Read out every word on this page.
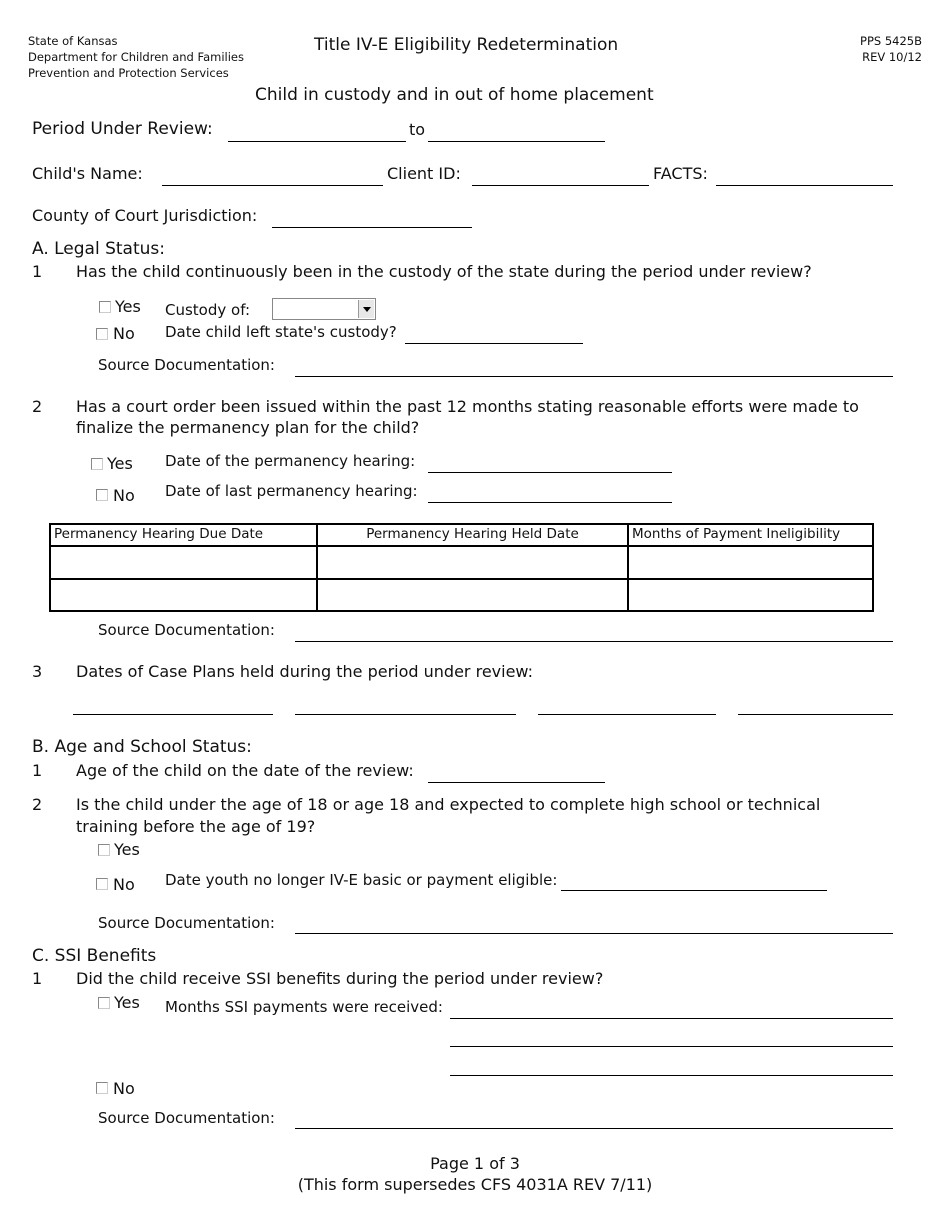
State of Kansas
Department for Children and Families
Prevention and Protection Services
Title IV-E Eligibility Redetermination	PPS 5425B
REV 10/12
Child in custody and in out of home placement
Period Under Review:	to
Child's Name:	Client ID:	FACTS:
County of Court Jurisdiction:
A. Legal Status:
1 Has the child continuously been in the custody of the state during the period under review?
Yes Custody of:
No Date child left state's custody?
Source Documentation:
2 Has a court order been issued within the past 12 months stating reasonable efforts were made to
finalize the permanency plan for the child?
Yes Date of the permanency hearing:
No Date of last permanency hearing:
Permanency Hearing Due Date	Permanency Hearing Held Date	Months of Payment Ineligibility

Source Documentation:
3 Dates of Case Plans held during the period under review:
B. Age and School Status:
1 Age of the child on the date of the review:
2 Is the child under the age of 18 or age 18 and expected to complete high school or technical
training before the age of 19?
Yes
No Date youth no longer IV-E basic or payment eligible:
Source Documentation:
C. SSI Benefits
1 Did the child receive SSI benefits during the period under review?
Yes Months SSI payments were received:
No
Source Documentation:
Page 1 of 3
(This form supersedes CFS 4031A REV 7/11)
